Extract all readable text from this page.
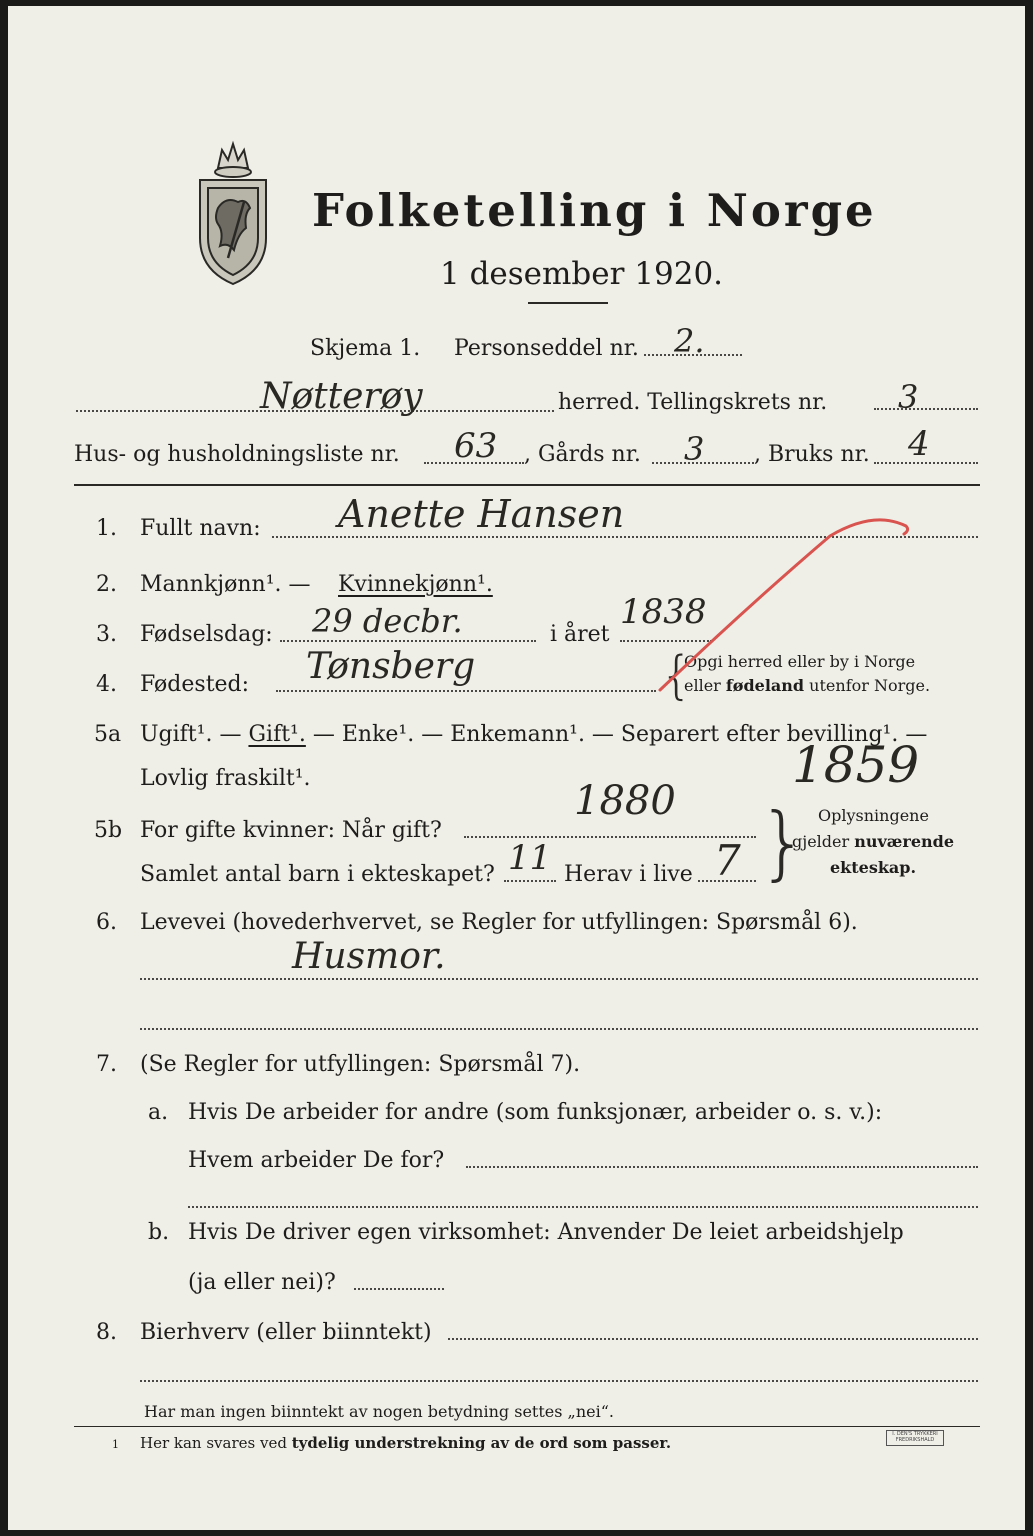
Folketelling i Norge
1 desember 1920.
Skjema 1. Personseddel nr. 2.
Nøtterøy	herred. Tellingskrets nr. 3
Hus- og husholdningsliste nr. 63 , Gårds nr. 3 , Bruks nr. 4
1. Fullt navn: Anette Hansen
2. Mannkjønn¹. — Kvinnekjønn¹.
3. Fødselsdag: 29 decbr.	i året
1838
4. Fødested: Tønsberg	{
Opgi herred eller by i Norge
eller fødeland utenfor Norge.
5a Ugift¹. — Gift¹. — Enke¹. — Enkemann¹. — Separert efter bevilling¹. —
Lovlig fraskilt¹.	1859
5b For gifte kvinner: Når gift?
1880
Samlet antal barn i ekteskapet? 11 Herav i live 7 } Oplysningene
gjelder nuværende
ekteskap.
6. Levevei (hovederhvervet, se Regler for utfyllingen: Spørsmål 6).
Husmor.
7. (Se Regler for utfyllingen: Spørsmål 7).
a. Hvis De arbeider for andre (som funksjonær, arbeider o. s. v.):
Hvem arbeider De for?
b. Hvis De driver egen virksomhet: Anvender De leiet arbeidshjelp
(ja eller nei)?
8. Bierhverv (eller biinntekt)
Har man ingen biinntekt av nogen betydning settes „nei“.
1 Her kan svares ved tydelig understrekning av de ord som passer.	I. DEN'S TRYKKERI
FREDRIKSHALD
